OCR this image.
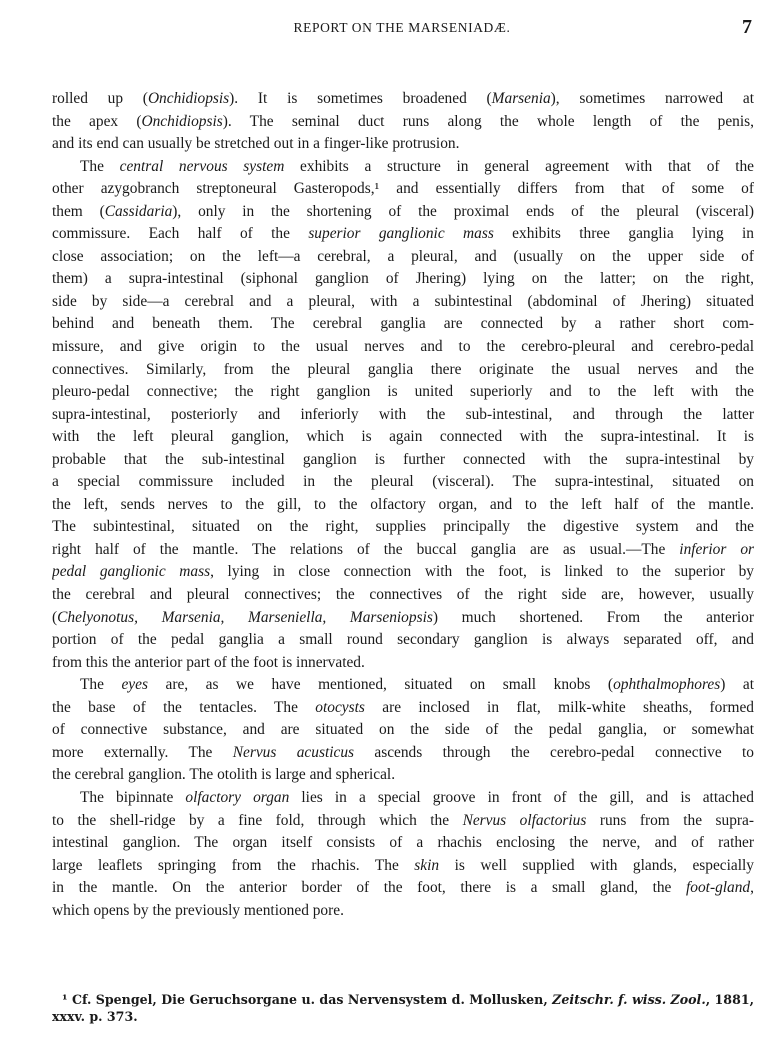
REPORT ON THE MARSENIADÆ.	7
rolled up (Onchidiopsis). It is sometimes broadened (Marsenia), sometimes narrowed at
the apex (Onchidiopsis). The seminal duct runs along the whole length of the penis,
and its end can usually be stretched out in a finger-like protrusion.
The central nervous system exhibits a structure in general agreement with that of the
other azygobranch streptoneural Gasteropods,¹ and essentially differs from that of some of
them (Cassidaria), only in the shortening of the proximal ends of the pleural (visceral)
commissure. Each half of the superior ganglionic mass exhibits three ganglia lying in
close association; on the left—a cerebral, a pleural, and (usually on the upper side of
them) a supra-intestinal (siphonal ganglion of Jhering) lying on the latter; on the right,
side by side—a cerebral and a pleural, with a subintestinal (abdominal of Jhering) situated
behind and beneath them. The cerebral ganglia are connected by a rather short com-
missure, and give origin to the usual nerves and to the cerebro-pleural and cerebro-pedal
connectives. Similarly, from the pleural ganglia there originate the usual nerves and the
pleuro-pedal connective; the right ganglion is united superiorly and to the left with the
supra-intestinal, posteriorly and inferiorly with the sub-intestinal, and through the latter
with the left pleural ganglion, which is again connected with the supra-intestinal. It is
probable that the sub-intestinal ganglion is further connected with the supra-intestinal by
a special commissure included in the pleural (visceral). The supra-intestinal, situated on
the left, sends nerves to the gill, to the olfactory organ, and to the left half of the mantle.
The subintestinal, situated on the right, supplies principally the digestive system and the
right half of the mantle. The relations of the buccal ganglia are as usual.—The inferior or
pedal ganglionic mass, lying in close connection with the foot, is linked to the superior by
the cerebral and pleural connectives; the connectives of the right side are, however, usually
(Chelyonotus, Marsenia, Marseniella, Marseniopsis) much shortened. From the anterior
portion of the pedal ganglia a small round secondary ganglion is always separated off, and
from this the anterior part of the foot is innervated.
The eyes are, as we have mentioned, situated on small knobs (ophthalmophores) at
the base of the tentacles. The otocysts are inclosed in flat, milk-white sheaths, formed
of connective substance, and are situated on the side of the pedal ganglia, or somewhat
more externally. The Nervus acusticus ascends through the cerebro-pedal connective to
the cerebral ganglion. The otolith is large and spherical.
The bipinnate olfactory organ lies in a special groove in front of the gill, and is attached
to the shell-ridge by a fine fold, through which the Nervus olfactorius runs from the supra-
intestinal ganglion. The organ itself consists of a rhachis enclosing the nerve, and of rather
large leaflets springing from the rhachis. The skin is well supplied with glands, especially
in the mantle. On the anterior border of the foot, there is a small gland, the foot-gland,
which opens by the previously mentioned pore.
¹ Cf. Spengel, Die Geruchsorgane u. das Nervensystem d. Mollusken, Zeitschr. f. wiss. Zool., 1881,
xxxv. p. 373.
